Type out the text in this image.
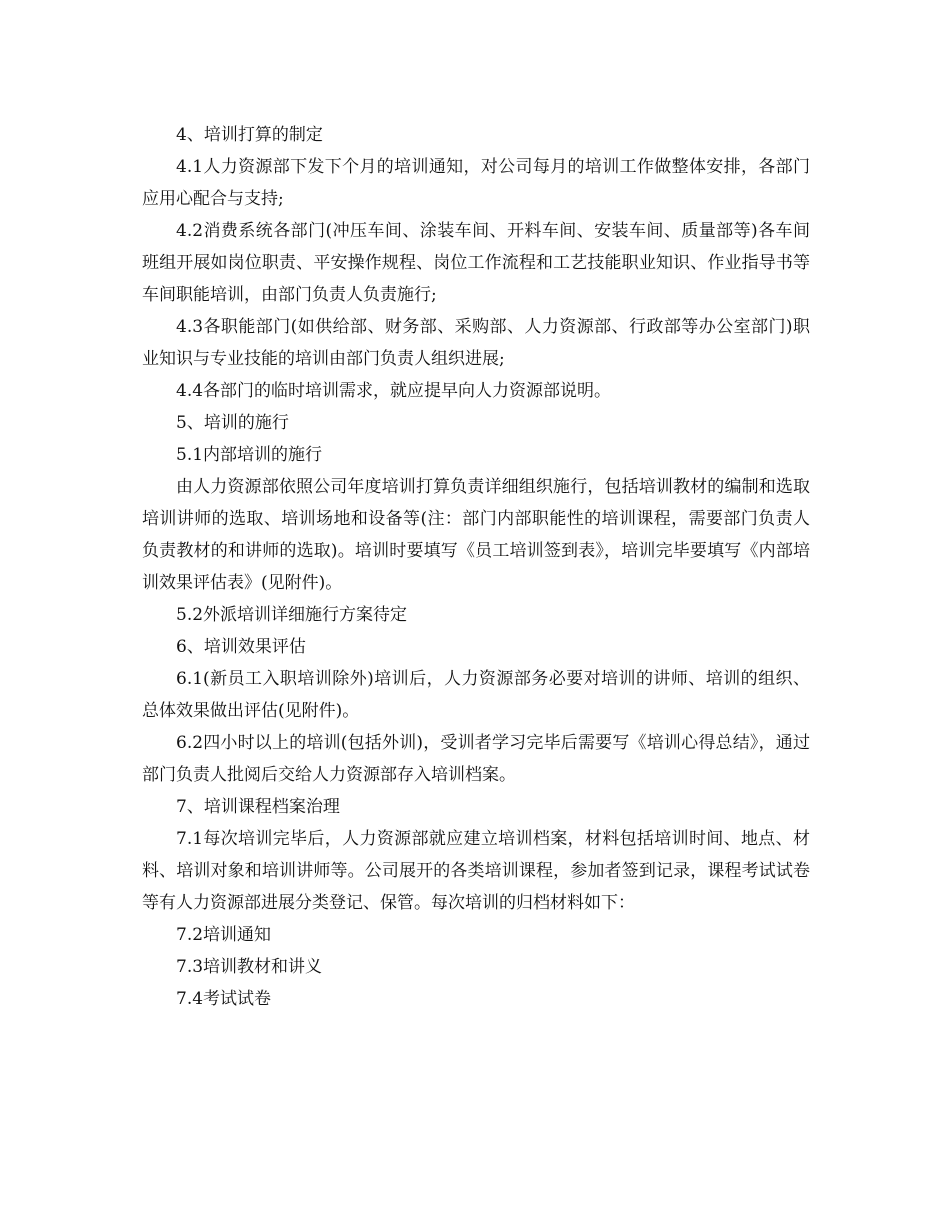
4、培训打算的制定

4.1人力资源部下发下个月的培训通知，对公司每月的培训工作做整体安排，各部门应用心配合与支持;

4.2消费系统各部门(冲压车间、涂装车间、开料车间、安装车间、质量部等)各车间班组开展如岗位职责、平安操作规程、岗位工作流程和工艺技能职业知识、作业指导书等车间职能培训，由部门负责人负责施行;

4.3各职能部门(如供给部、财务部、采购部、人力资源部、行政部等办公室部门)职业知识与专业技能的培训由部门负责人组织进展;

4.4各部门的临时培训需求，就应提早向人力资源部说明。

5、培训的施行

5.1内部培训的施行

由人力资源部依照公司年度培训打算负责详细组织施行，包括培训教材的编制和选取培训讲师的选取、培训场地和设备等(注：部门内部职能性的培训课程，需要部门负责人负责教材的和讲师的选取)。培训时要填写《员工培训签到表》，培训完毕要填写《内部培训效果评估表》(见附件)。

5.2外派培训详细施行方案待定

6、培训效果评估

6.1(新员工入职培训除外)培训后，人力资源部务必要对培训的讲师、培训的组织、总体效果做出评估(见附件)。

6.2四小时以上的培训(包括外训)，受训者学习完毕后需要写《培训心得总结》，通过部门负责人批阅后交给人力资源部存入培训档案。

7、培训课程档案治理

7.1每次培训完毕后，人力资源部就应建立培训档案，材料包括培训时间、地点、材料、培训对象和培训讲师等。公司展开的各类培训课程，参加者签到记录，课程考试试卷等有人力资源部进展分类登记、保管。每次培训的归档材料如下：

7.2培训通知

7.3培训教材和讲义

7.4考试试卷
